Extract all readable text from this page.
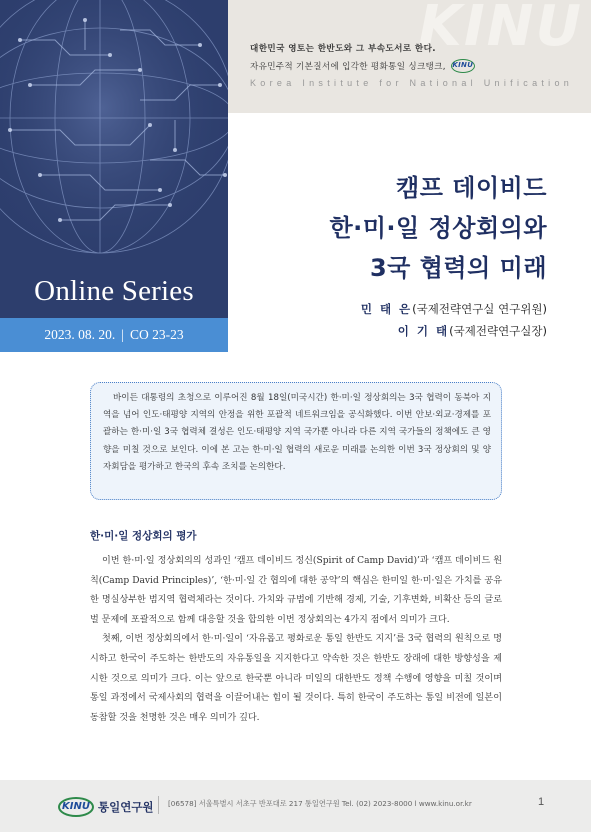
Online Series
2023. 08. 20. | CO 23-23
KINU
대한민국 영토는 한반도와 그 부속도서로 한다.
자유민주적 기본질서에 입각한 평화통일 싱크탱크, KINU
Korea Institute for National Unification
캠프 데이비드
한·미·일 정상회의와
3국 협력의 미래
민 태 은(국제전략연구실 연구위원)
이 기 태(국제전략연구실장)
바이든 대통령의 초청으로 이루어진 8월 18일(미국시간) 한·미·일 정상회의는 3국 협력이 동북아 지역을 넘어 인도·태평양 지역의 안정을 위한 포괄적 네트워크임을 공식화했다. 이번 안보·외교·경제를 포괄하는 한·미·일 3국 협력체 결성은 인도·태평양 지역 국가뿐 아니라 다른 지역 국가들의 정책에도 큰 영향을 미칠 것으로 보인다. 이에 본 고는 한·미·일 협력의 새로운 미래를 논의한 이번 3국 정상회의 및 양자회담을 평가하고 한국의 후속 조치를 논의한다.
한·미·일 정상회의 평가

이번 한·미·일 정상회의의 성과인 ‘캠프 데이비드 정신(Spirit of Camp David)’과 ‘캠프 데이비드 원칙(Camp David Principles)’, ‘한·미·일 간 협의에 대한 공약’의 핵심은 한미일 한·미·일은 가치를 공유한 명실상부한 범지역 협력체라는 것이다. 가치와 규범에 기반해 경제, 기술, 기후변화, 비확산 등의 글로벌 문제에 포괄적으로 함께 대응할 것을 합의한 이번 정상회의는 4가지 점에서 의미가 크다.

첫째, 이번 정상회의에서 한·미·일이 ‘자유롭고 평화로운 통일 한반도 지지’를 3국 협력의 원칙으로 명시하고 한국이 주도하는 한반도의 자유통일을 지지한다고 약속한 것은 한반도 장래에 대한 방향성을 제시한 것으로 의미가 크다. 이는 앞으로 한국뿐 아니라 미일의 대한반도 정책 수행에 영향을 미칠 것이며 통일 과정에서 국제사회의 협력을 이끌어내는 힘이 될 것이다. 특히 한국이 주도하는 통일 비전에 일본이 동참할 것을 천명한 것은 매우 의미가 깊다.

KINU 통일연구원 [06578] 서울특별시 서초구 반포대로 217 통일연구원 Tel. (02) 2023-8000 l www.kinu.or.kr	1
